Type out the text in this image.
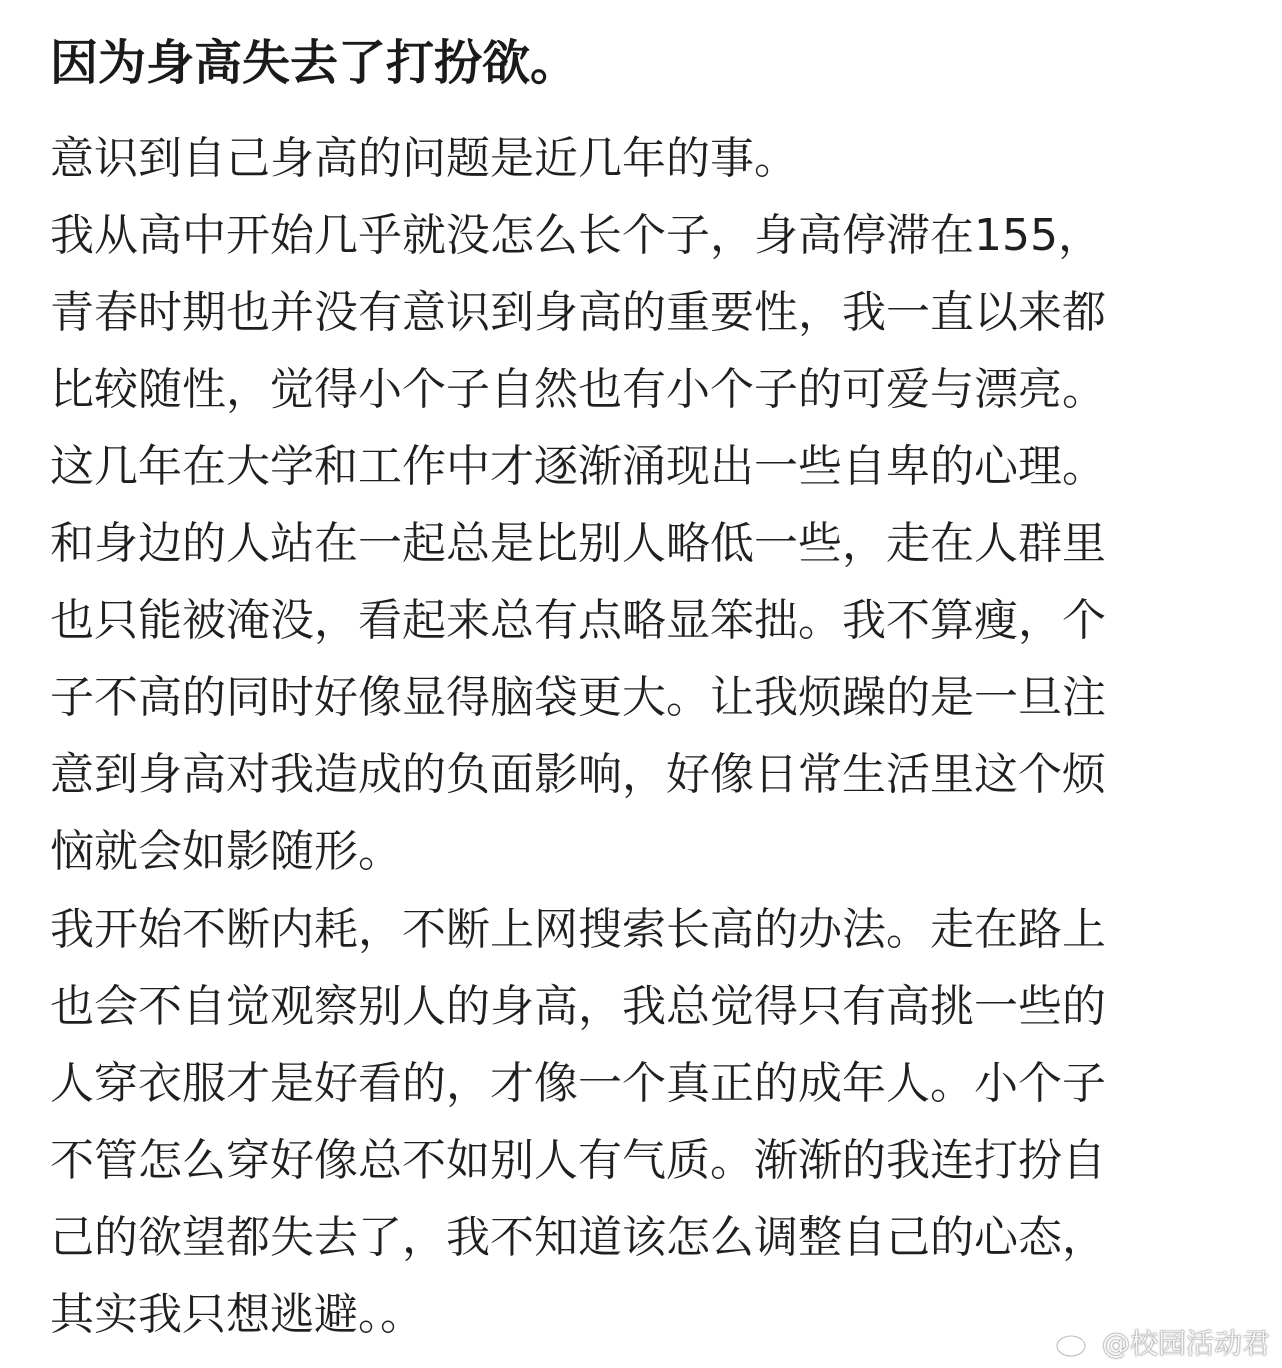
因为身高失去了打扮欲。
意识到自己身高的问题是近几年的事。
我从高中开始几乎就没怎么长个子，身高停滞在155，
青春时期也并没有意识到身高的重要性，我一直以来都
比较随性，觉得小个子自然也有小个子的可爱与漂亮。
这几年在大学和工作中才逐渐涌现出一些自卑的心理。
和身边的人站在一起总是比别人略低一些，走在人群里
也只能被淹没，看起来总有点略显笨拙。我不算瘦，个
子不高的同时好像显得脑袋更大。让我烦躁的是一旦注
意到身高对我造成的负面影响，好像日常生活里这个烦
恼就会如影随形。
我开始不断内耗，不断上网搜索长高的办法。走在路上
也会不自觉观察别人的身高，我总觉得只有高挑一些的
人穿衣服才是好看的，才像一个真正的成年人。小个子
不管怎么穿好像总不如别人有气质。渐渐的我连打扮自
己的欲望都失去了，我不知道该怎么调整自己的心态，
其实我只想逃避。。
@校园活动君
